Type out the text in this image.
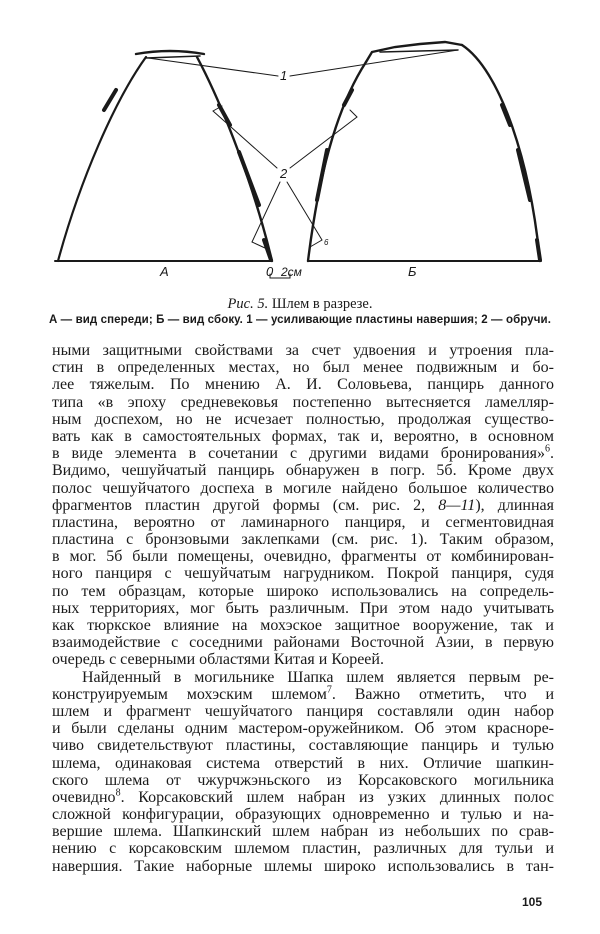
1
2
6
А	Б
0 2см
Рис. 5. Шлем в разрезе.
А — вид спереди; Б — вид сбоку. 1 — усиливающие пластины навершия; 2 — обручи.
ными защитными свойствами за счет удвоения и утроения пла-
стин в определенных местах, но был менее подвижным и бо-
лее тяжелым. По мнению А. И. Соловьева, панцирь данного
типа «в эпоху средневековья постепенно вытесняется ламелляр-
ным доспехом, но не исчезает полностью, продолжая существо-
вать как в самостоятельных формах, так и, вероятно, в основном
в виде элемента в сочетании с другими видами бронирования»$^6$.
Видимо, чешуйчатый панцирь обнаружен в погр. 5б. Кроме двух
полос чешуйчатого доспеха в могиле найдено большое количество
фрагментов пластин другой формы (см. рис. 2, 8—11), длинная
пластина, вероятно от ламинарного панциря, и сегментовидная
пластина с бронзовыми заклепками (см. рис. 1). Таким образом,
в мог. 5б были помещены, очевидно, фрагменты от комбинирован-
ного панциря с чешуйчатым нагрудником. Покрой панциря, судя
по тем образцам, которые широко использовались на сопредель-
ных территориях, мог быть различным. При этом надо учитывать
как тюркское влияние на мохэское защитное вооружение, так и
взаимодействие с соседними районами Восточной Азии, в первую
очередь с северными областями Китая и Кореей.
Найденный в могильнике Шапка шлем является первым ре-
конструируемым мохэским шлемом$^7$. Важно отметить, что и
шлем и фрагмент чешуйчатого панциря составляли один набор
и были сделаны одним мастером-оружейником. Об этом красноре-
чиво свидетельствуют пластины, составляющие панцирь и тулью
шлема, одинаковая система отверстий в них. Отличие шапкин-
ского шлема от чжурчжэньского из Корсаковского могильника
очевидно$^8$. Корсаковский шлем набран из узких длинных полос
сложной конфигурации, образующих одновременно и тулью и на-
вершие шлема. Шапкинский шлем набран из небольших по срав-
нению с корсаковским шлемом пластин, различных для тульи и
навершия. Такие наборные шлемы широко использовались в тан-
105
